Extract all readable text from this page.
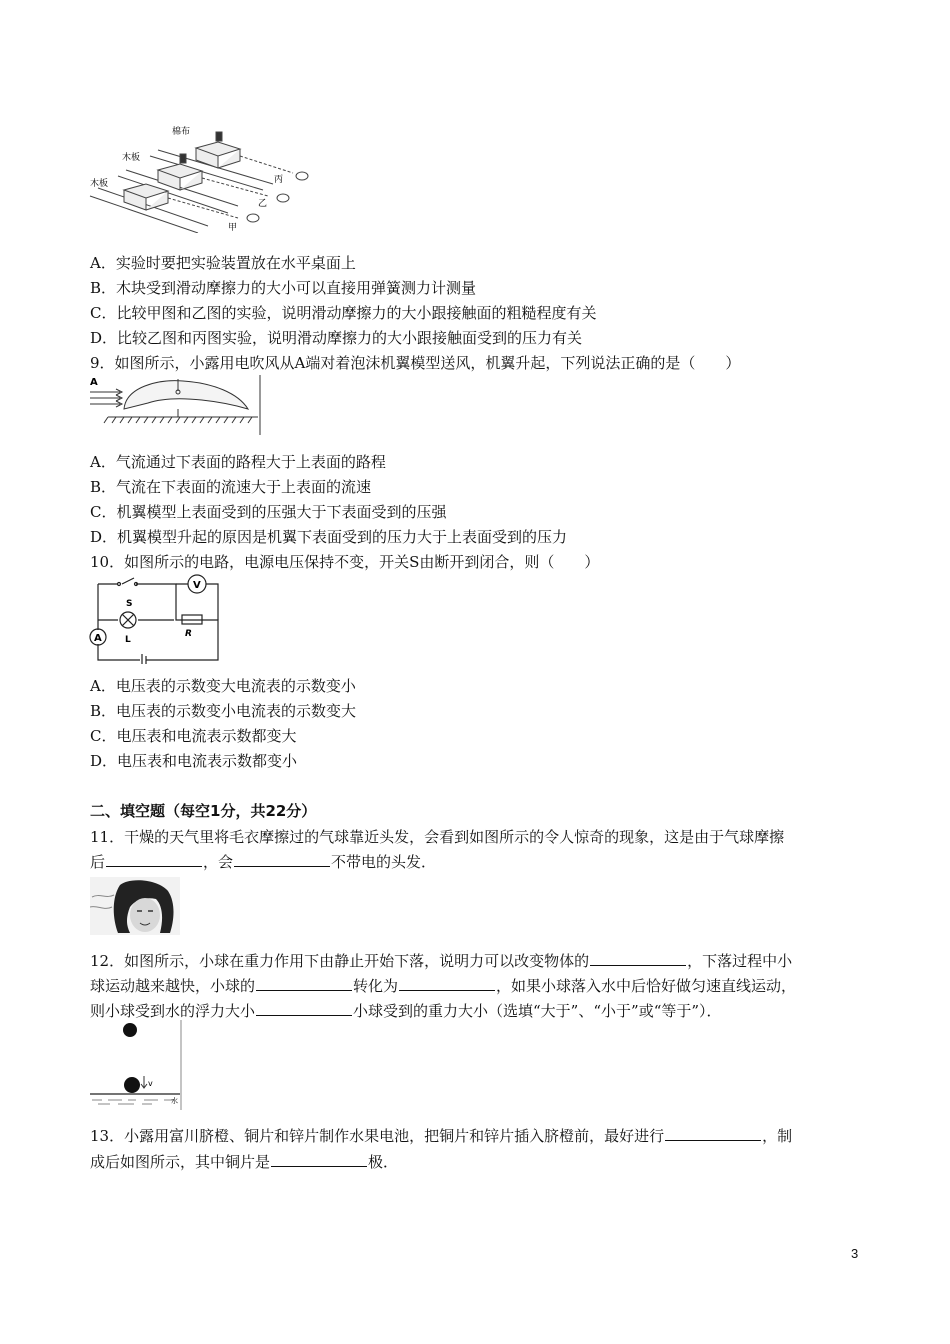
棉布
木板
木板	丙
乙
甲
A．实验时要把实验装置放在水平桌面上
B．木块受到滑动摩擦力的大小可以直接用弹簧测力计测量
C．比较甲图和乙图的实验，说明滑动摩擦力的大小跟接触面的粗糙程度有关
D．比较乙图和丙图实验，说明滑动摩擦力的大小跟接触面受到的压力有关
9．如图所示，小露用电吹风从A端对着泡沫机翼模型送风，机翼升起，下列说法正确的是（　　）
A
A．气流通过下表面的路程大于上表面的路程
B．气流在下表面的流速大于上表面的流速
C．机翼模型上表面受到的压强大于下表面受到的压强
D．机翼模型升起的原因是机翼下表面受到的压力大于上表面受到的压力
10．如图所示的电路，电源电压保持不变，开关S由断开到闭合，则（　　）
S
V
L
R
A
A．电压表的示数变大电流表的示数变小
B．电压表的示数变小电流表的示数变大
C．电压表和电流表示数都变大
D．电压表和电流表示数都变小
二、填空题（每空1分，共22分）
11．干燥的天气里将毛衣摩擦过的气球靠近头发，会看到如图所示的令人惊奇的现象，这是由于气球摩擦
后	，会	不带电的头发．
12．如图所示，小球在重力作用下由静止开始下落，说明力可以改变物体的	，下落过程中小
球运动越来越快，小球的	转化为	，如果小球落入水中后恰好做匀速直线运动，
则小球受到水的浮力大小	小球受到的重力大小（选填“大于”、“小于”或“等于”）．
v
水
13．小露用富川脐橙、铜片和锌片制作水果电池，把铜片和锌片插入脐橙前，最好进行	，制
成后如图所示，其中铜片是	极．
3
